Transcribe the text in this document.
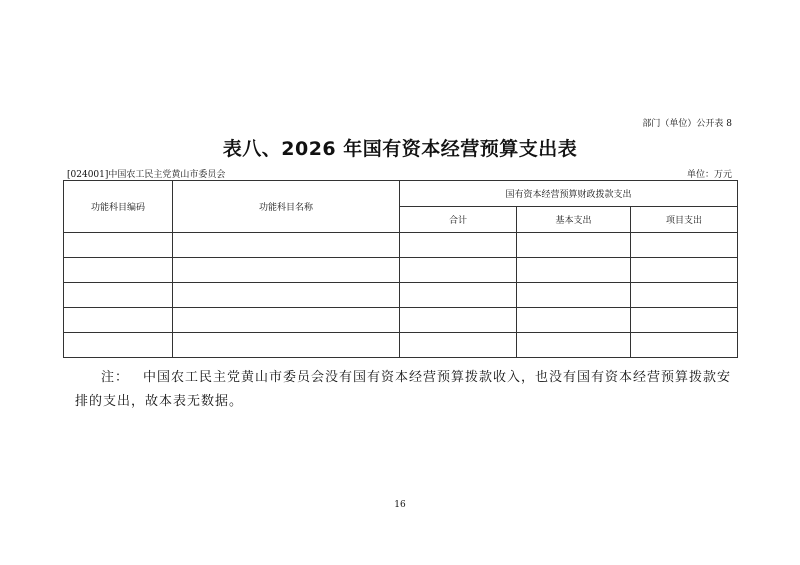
部门（单位）公开表 8
表八、2026 年国有资本经营预算支出表
[024001]中国农工民主党黄山市委员会	单位：万元
功能科目编码	功能科目名称	国有资本经营预算财政拨款支出		
		合计	基本支出	项目支出

注：  中国农工民主党黄山市委员会没有国有资本经营预算拨款收入，也没有国有资本经营预算拨款安排的支出，故本表无数据。
16
